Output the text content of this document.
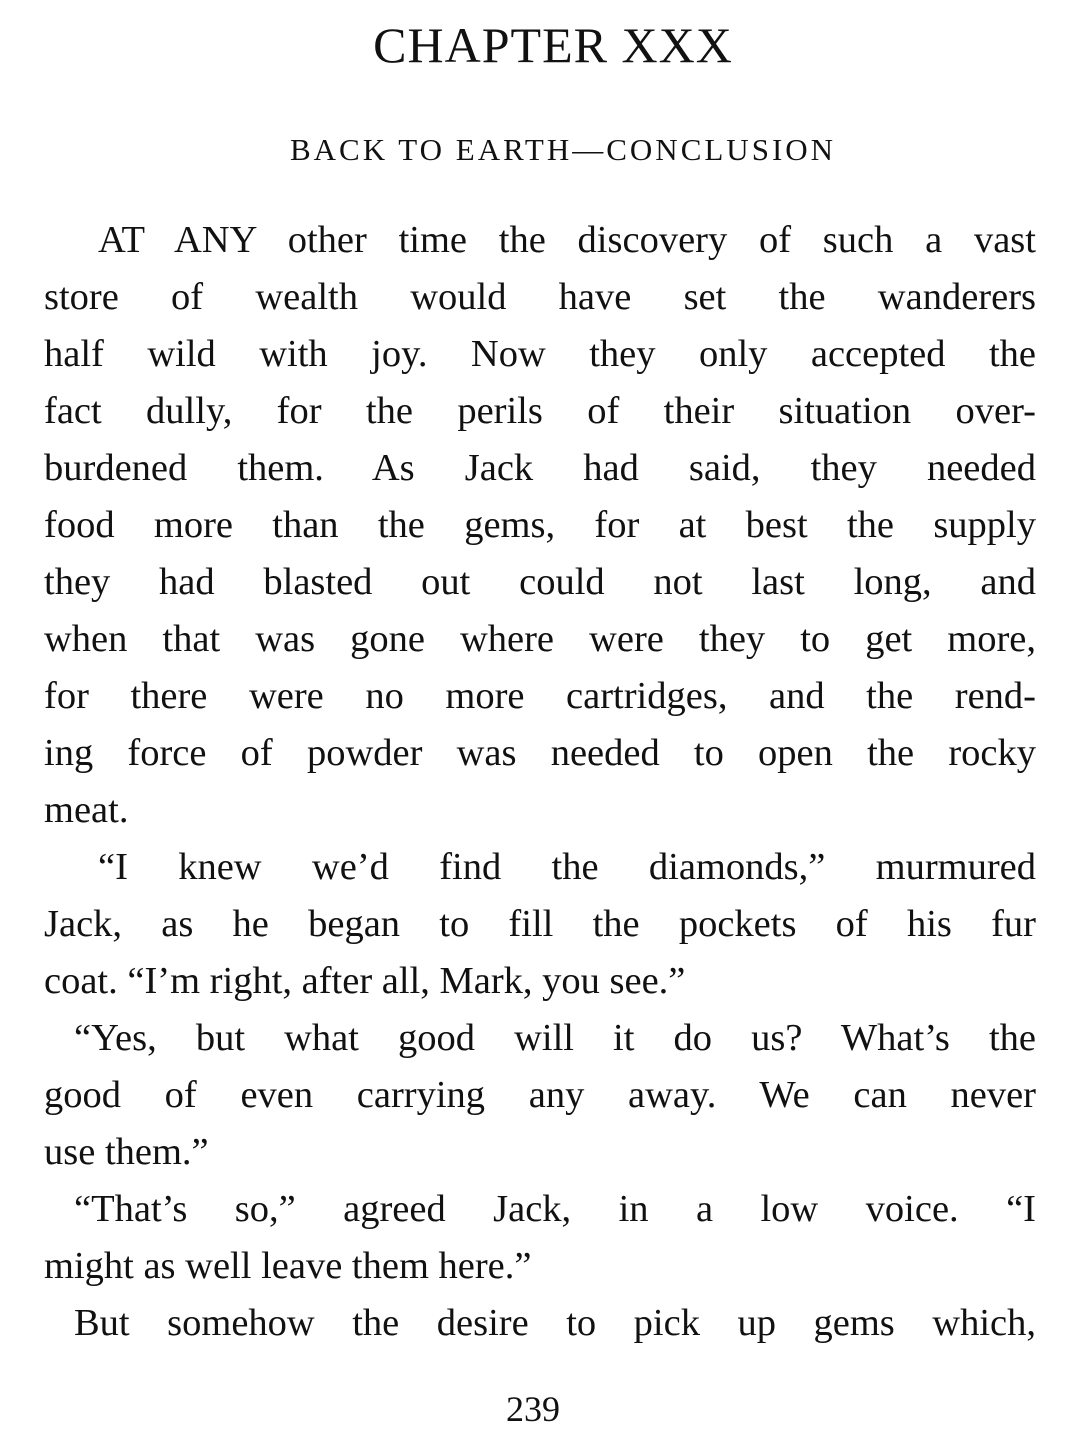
CHAPTER XXX
BACK TO EARTH—CONCLUSION
AT ANY other time the discovery of such a vast
store of wealth would have set the wanderers
half wild with joy. Now they only accepted the
fact dully, for the perils of their situation over-
burdened them. As Jack had said, they needed
food more than the gems, for at best the supply
they had blasted out could not last long, and
when that was gone where were they to get more,
for there were no more cartridges, and the rend-
ing force of powder was needed to open the rocky
meat.
“I knew we’d find the diamonds,” murmured
Jack, as he began to fill the pockets of his fur
coat. “I’m right, after all, Mark, you see.”
“Yes, but what good will it do us? What’s the
good of even carrying any away. We can never
use them.”
“That’s so,” agreed Jack, in a low voice. “I
might as well leave them here.”
But somehow the desire to pick up gems which,
239
